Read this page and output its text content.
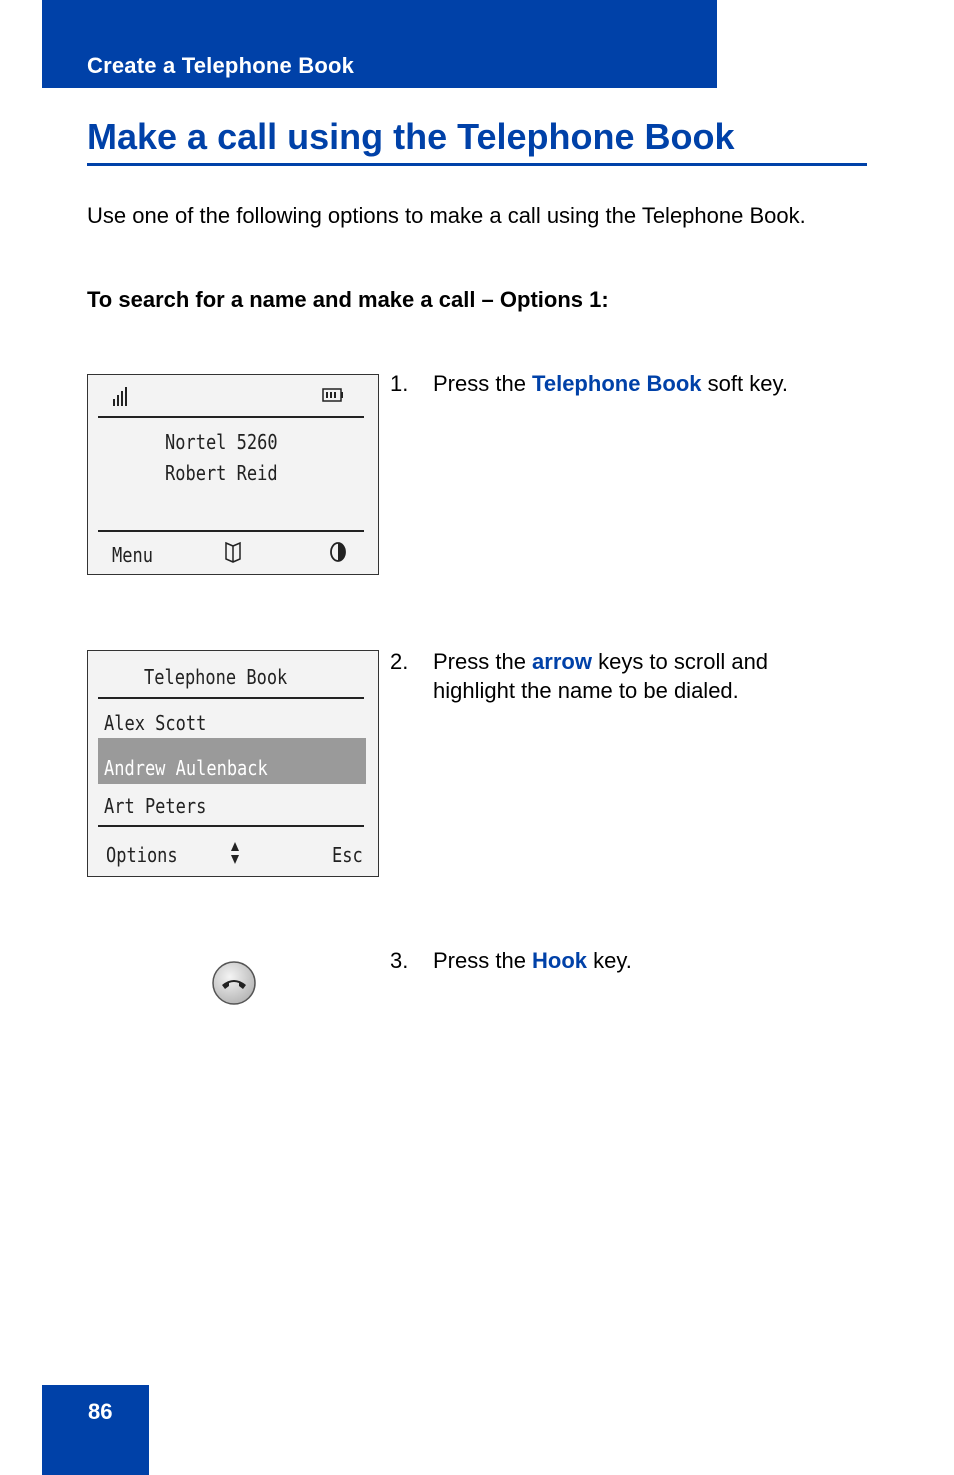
Create a Telephone Book
Make a call using the Telephone Book

Use one of the following options to make a call using the Telephone Book.

To search for a name and make a call – Options 1:

Nortel 5260
Robert Reid
Menu
Telephone Book
Alex Scott
Andrew Aulenback
Art Peters
Options	Esc
1. Press the Telephone Book soft key.
2. Press the arrow keys to scroll and highlight the name to be dialed.
3. Press the Hook key.
86
